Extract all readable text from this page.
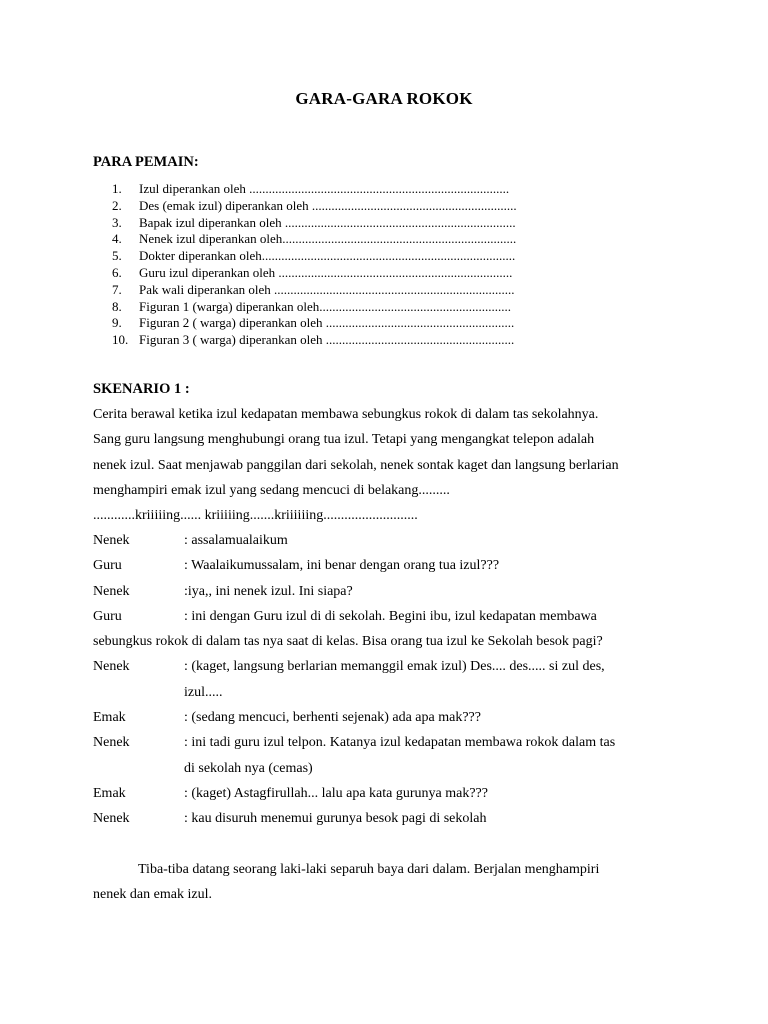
GARA-GARA ROKOK
PARA PEMAIN:
1. Izul diperankan oleh ................................................................................
2. Des (emak izul) diperankan oleh ...............................................................
3. Bapak izul diperankan oleh .......................................................................
4. Nenek izul diperankan oleh........................................................................
5. Dokter diperankan oleh..............................................................................
6. Guru izul diperankan oleh ........................................................................
7. Pak wali diperankan oleh ..........................................................................
8. Figuran 1 (warga) diperankan oleh...........................................................
9. Figuran 2 ( warga) diperankan oleh ..........................................................
10. Figuran 3 ( warga) diperankan oleh ..........................................................
SKENARIO 1 :
Cerita berawal ketika izul kedapatan membawa sebungkus rokok di dalam tas sekolahnya.
Sang guru langsung menghubungi orang tua izul. Tetapi yang mengangkat telepon adalah
nenek izul. Saat menjawab panggilan dari sekolah, nenek sontak kaget dan langsung berlarian
menghampiri emak izul yang sedang mencuci di belakang.........
............kriiiiing...... kriiiiing.......kriiiiiing...........................
Nenek	: assalamualaikum
Guru	: Waalaikumussalam, ini benar dengan orang tua izul???
Nenek	:iya,, ini nenek izul. Ini siapa?
Guru	: ini dengan Guru izul di di sekolah. Begini ibu, izul kedapatan membawa
sebungkus rokok di dalam tas nya saat di kelas. Bisa orang tua izul ke Sekolah besok pagi?
Nenek	: (kaget, langsung berlarian memanggil emak izul) Des.... des..... si zul des,
izul.....
Emak	: (sedang mencuci, berhenti sejenak) ada apa mak???
Nenek	: ini tadi guru izul telpon. Katanya izul kedapatan membawa rokok dalam tas
di sekolah nya (cemas)
Emak	: (kaget) Astagfirullah... lalu apa kata gurunya mak???
Nenek	: kau disuruh menemui gurunya besok pagi di sekolah
Tiba-tiba datang seorang laki-laki separuh baya dari dalam. Berjalan menghampiri
nenek dan emak izul.
